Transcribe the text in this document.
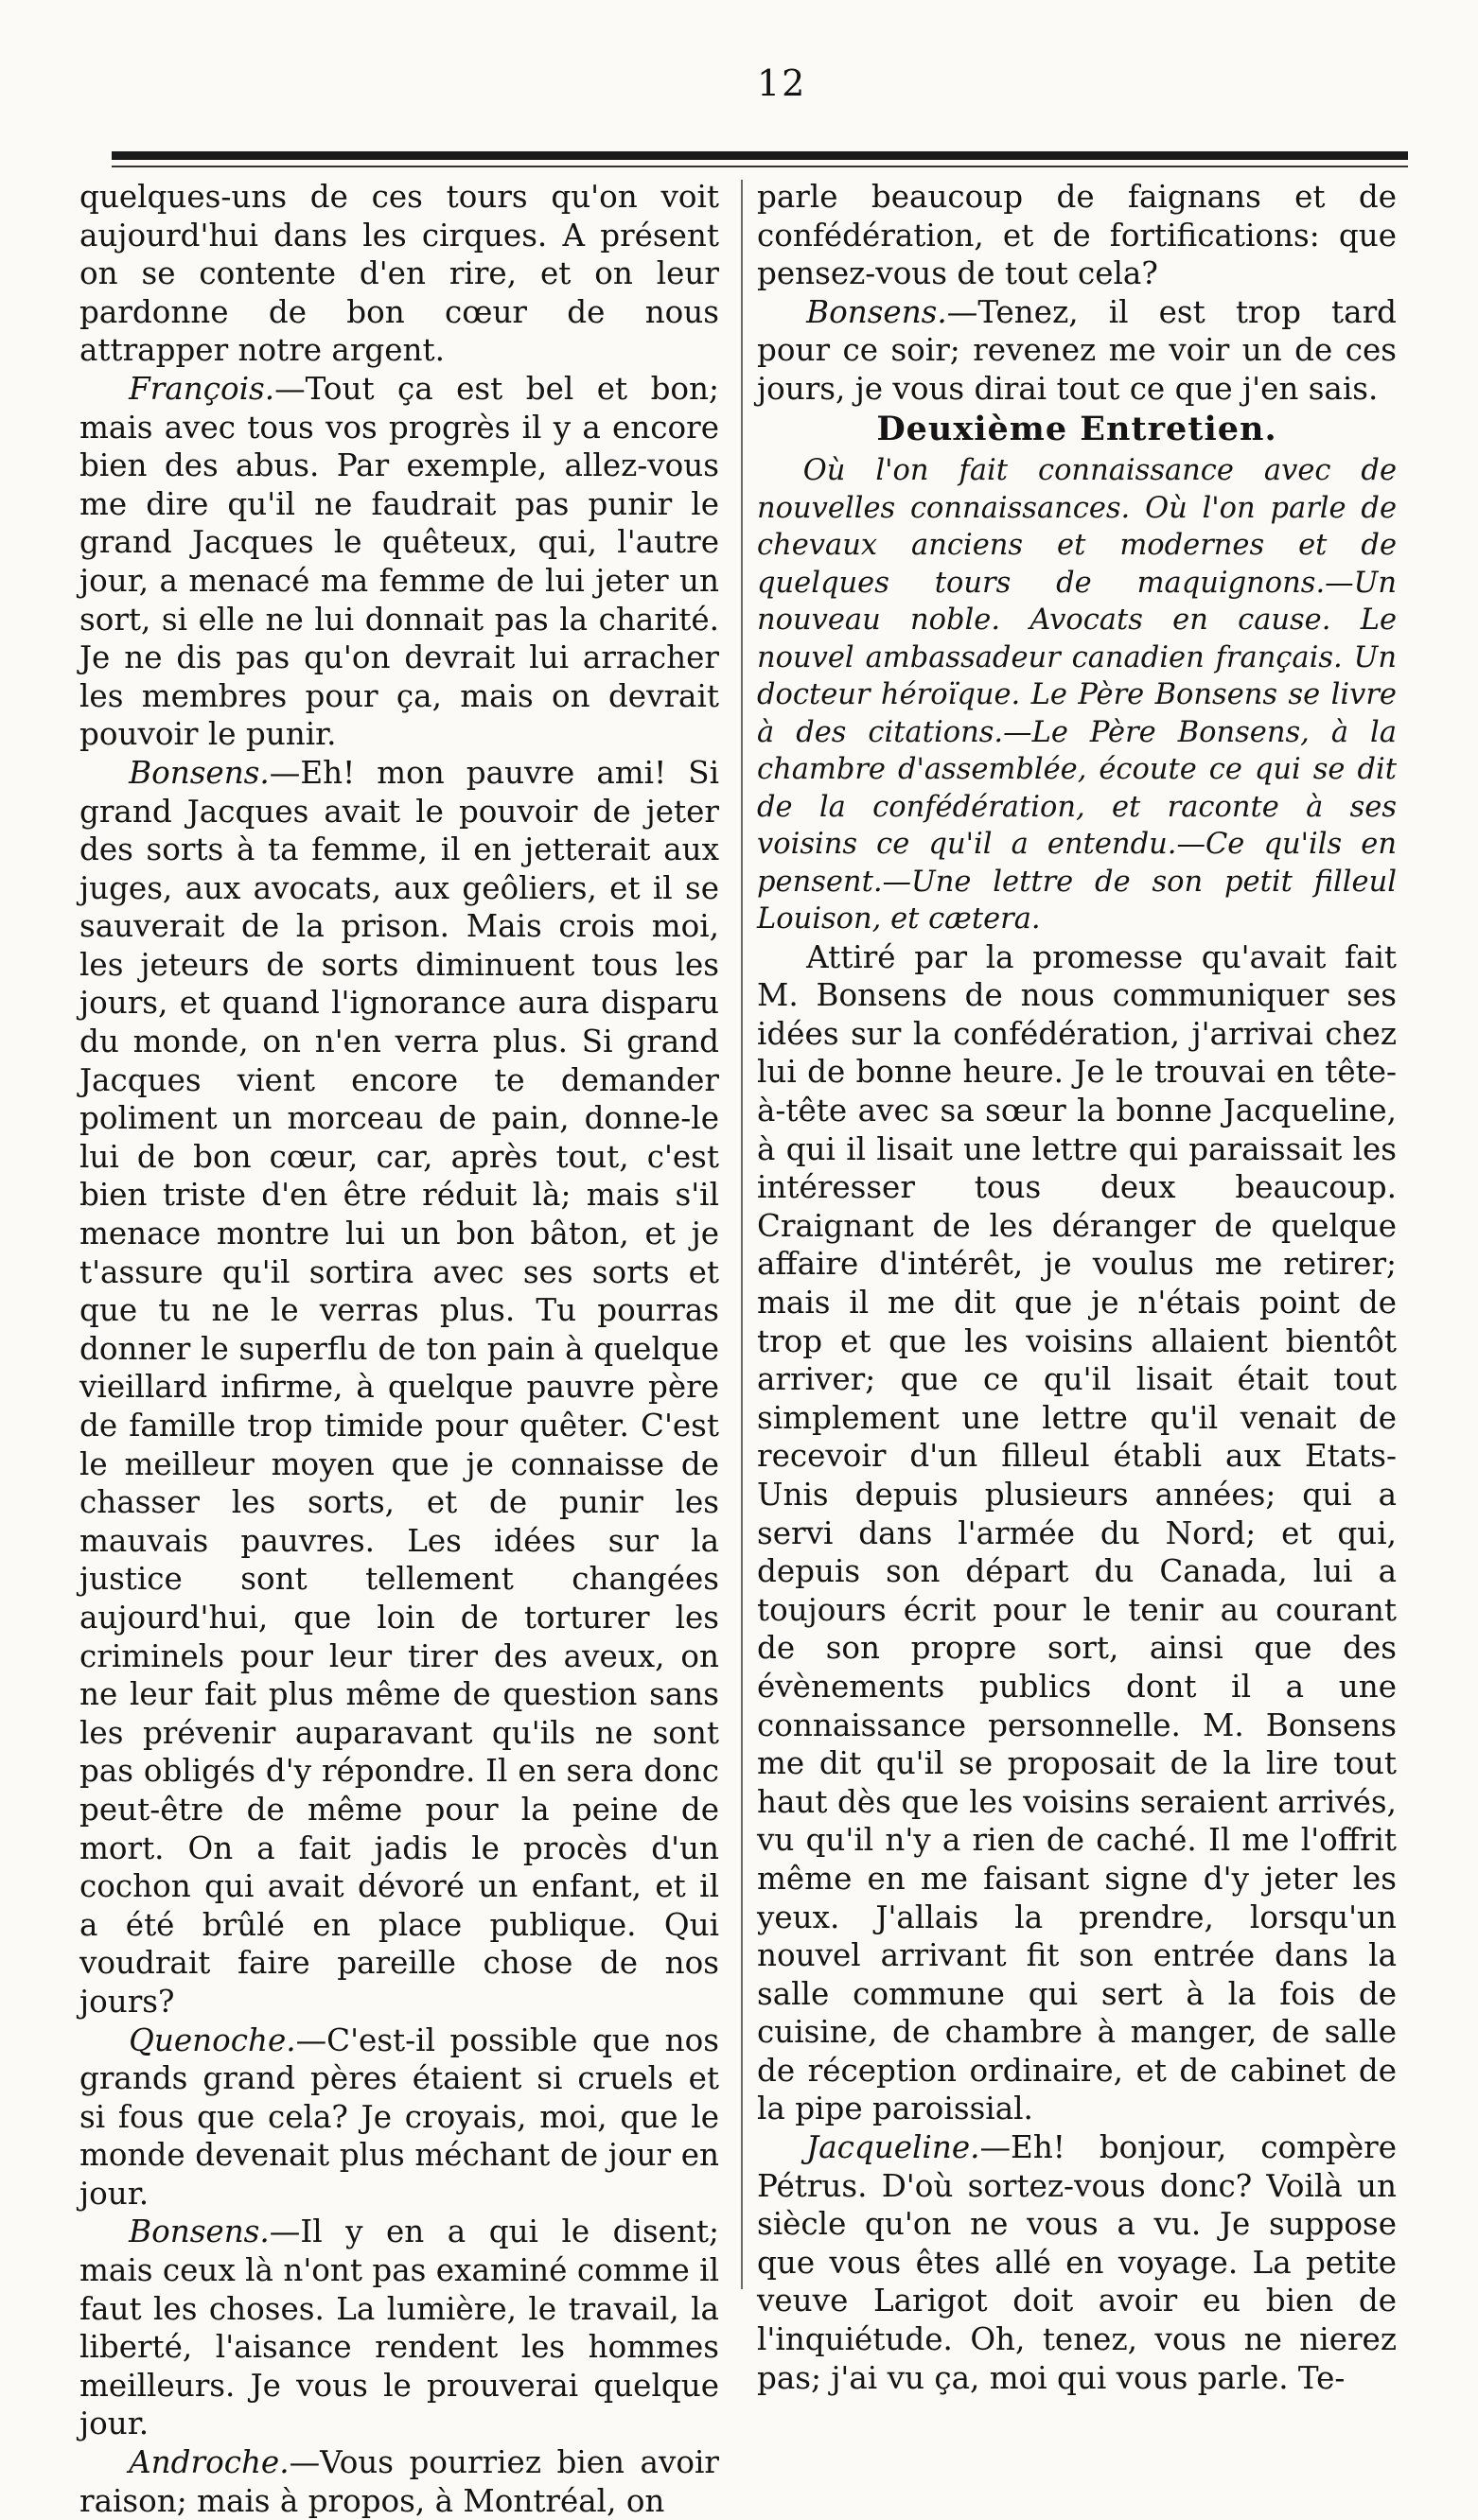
12

quelques-uns de ces tours qu'on voit aujourd'hui dans les cirques. A présent on se contente d'en rire, et on leur pardonne de bon cœur de nous attrapper notre argent.

François.—Tout ça est bel et bon; mais avec tous vos progrès il y a encore bien des abus. Par exemple, allez-vous me dire qu'il ne faudrait pas punir le grand Jacques le quêteux, qui, l'autre jour, a menacé ma femme de lui jeter un sort, si elle ne lui donnait pas la charité. Je ne dis pas qu'on devrait lui arracher les membres pour ça, mais on devrait pouvoir le punir.

Bonsens.—Eh! mon pauvre ami! Si grand Jacques avait le pouvoir de jeter des sorts à ta femme, il en jetterait aux juges, aux avocats, aux geôliers, et il se sauverait de la prison. Mais crois moi, les jeteurs de sorts diminuent tous les jours, et quand l'ignorance aura disparu du monde, on n'en verra plus. Si grand Jacques vient encore te demander poliment un morceau de pain, donne-le lui de bon cœur, car, après tout, c'est bien triste d'en être réduit là; mais s'il menace montre lui un bon bâton, et je t'assure qu'il sortira avec ses sorts et que tu ne le verras plus. Tu pourras donner le superflu de ton pain à quelque vieillard infirme, à quelque pauvre père de famille trop timide pour quêter. C'est le meilleur moyen que je connaisse de chasser les sorts, et de punir les mauvais pauvres. Les idées sur la justice sont tellement changées aujourd'hui, que loin de torturer les criminels pour leur tirer des aveux, on ne leur fait plus même de question sans les prévenir auparavant qu'ils ne sont pas obligés d'y répondre. Il en sera donc peut-être de même pour la peine de mort. On a fait jadis le procès d'un cochon qui avait dévoré un enfant, et il a été brûlé en place publique. Qui voudrait faire pareille chose de nos jours?

Quenoche.—C'est-il possible que nos grands grand pères étaient si cruels et si fous que cela? Je croyais, moi, que le monde devenait plus méchant de jour en jour.

Bonsens.—Il y en a qui le disent; mais ceux là n'ont pas examiné comme il faut les choses. La lumière, le travail, la liberté, l'aisance rendent les hommes meilleurs. Je vous le prouverai quelque jour.

Androche.—Vous pourriez bien avoir raison; mais à propos, à Montréal, on

parle beaucoup de faignans et de confédération, et de fortifications: que pensez-vous de tout cela?

Bonsens.—Tenez, il est trop tard pour ce soir; revenez me voir un de ces jours, je vous dirai tout ce que j'en sais.

Deuxième Entretien.

Où l'on fait connaissance avec de nouvelles connaissances. Où l'on parle de chevaux anciens et modernes et de quelques tours de maquignons.—Un nouveau noble. Avocats en cause. Le nouvel ambassadeur canadien français. Un docteur héroïque. Le Père Bonsens se livre à des citations.—Le Père Bonsens, à la chambre d'assemblée, écoute ce qui se dit de la confédération, et raconte à ses voisins ce qu'il a entendu.—Ce qu'ils en pensent.—Une lettre de son petit filleul Louison, et cætera.

Attiré par la promesse qu'avait fait M. Bonsens de nous communiquer ses idées sur la confédération, j'arrivai chez lui de bonne heure. Je le trouvai en tête-à-tête avec sa sœur la bonne Jacqueline, à qui il lisait une lettre qui paraissait les intéresser tous deux beaucoup. Craignant de les déranger de quelque affaire d'intérêt, je voulus me retirer; mais il me dit que je n'étais point de trop et que les voisins allaient bientôt arriver; que ce qu'il lisait était tout simplement une lettre qu'il venait de recevoir d'un filleul établi aux Etats-Unis depuis plusieurs années; qui a servi dans l'armée du Nord; et qui, depuis son départ du Canada, lui a toujours écrit pour le tenir au courant de son propre sort, ainsi que des évènements publics dont il a une connaissance personnelle. M. Bonsens me dit qu'il se proposait de la lire tout haut dès que les voisins seraient arrivés, vu qu'il n'y a rien de caché. Il me l'offrit même en me faisant signe d'y jeter les yeux. J'allais la prendre, lorsqu'un nouvel arrivant fit son entrée dans la salle commune qui sert à la fois de cuisine, de chambre à manger, de salle de réception ordinaire, et de cabinet de la pipe paroissial.

Jacqueline.—Eh! bonjour, compère Pétrus. D'où sortez-vous donc? Voilà un siècle qu'on ne vous a vu. Je suppose que vous êtes allé en voyage. La petite veuve Larigot doit avoir eu bien de l'inquiétude. Oh, tenez, vous ne nierez pas; j'ai vu ça, moi qui vous parle. Te-
